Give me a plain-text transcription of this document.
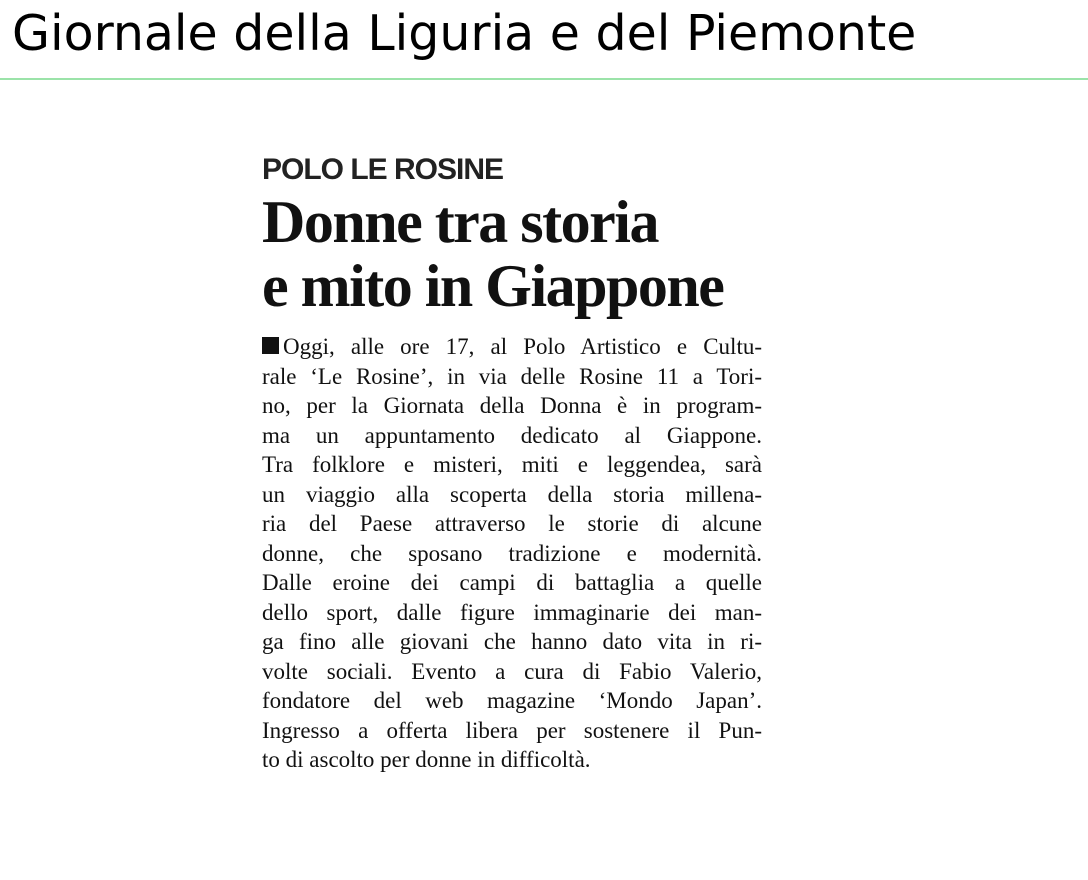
Giornale della Liguria e del Piemonte
POLO LE ROSINE
Donne tra storia
e mito in Giappone
Oggi, alle ore 17, al Polo Artistico e Cultu-
rale ‘Le Rosine’, in via delle Rosine 11 a Tori-
no, per la Giornata della Donna è in program-
ma un appuntamento dedicato al Giappone.
Tra folklore e misteri, miti e leggendea, sarà
un viaggio alla scoperta della storia millena-
ria del Paese attraverso le storie di alcune
donne, che sposano tradizione e modernità.
Dalle eroine dei campi di battaglia a quelle
dello sport, dalle figure immaginarie dei man-
ga fino alle giovani che hanno dato vita in ri-
volte sociali. Evento a cura di Fabio Valerio,
fondatore del web magazine ‘Mondo Japan’.
Ingresso a offerta libera per sostenere il Pun-
to di ascolto per donne in difficoltà.
